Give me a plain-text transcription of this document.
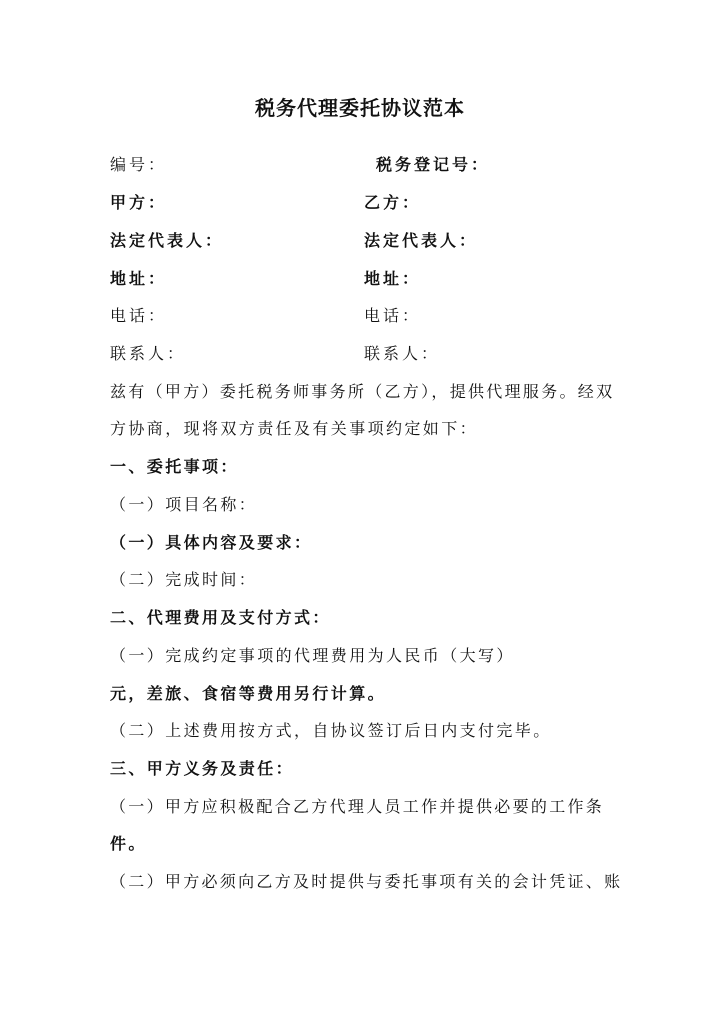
税务代理委托协议范本
编号：	税务登记号：
甲方：	乙方：
法定代表人：	法定代表人：
地址：	地址：
电话：	电话：
联系人：	联系人：
兹有（甲方）委托税务师事务所（乙方），提供代理服务。经双
方协商，现将双方责任及有关事项约定如下：
一、委托事项：
（一）项目名称：
（一）具体内容及要求：
（二）完成时间：
二、代理费用及支付方式：
（一）完成约定事项的代理费用为人民币（大写）
元，差旅、食宿等费用另行计算。
（二）上述费用按方式，自协议签订后日内支付完毕。
三、甲方义务及责任：
（一）甲方应积极配合乙方代理人员工作并提供必要的工作条
件。
（二）甲方必须向乙方及时提供与委托事项有关的会计凭证、账
